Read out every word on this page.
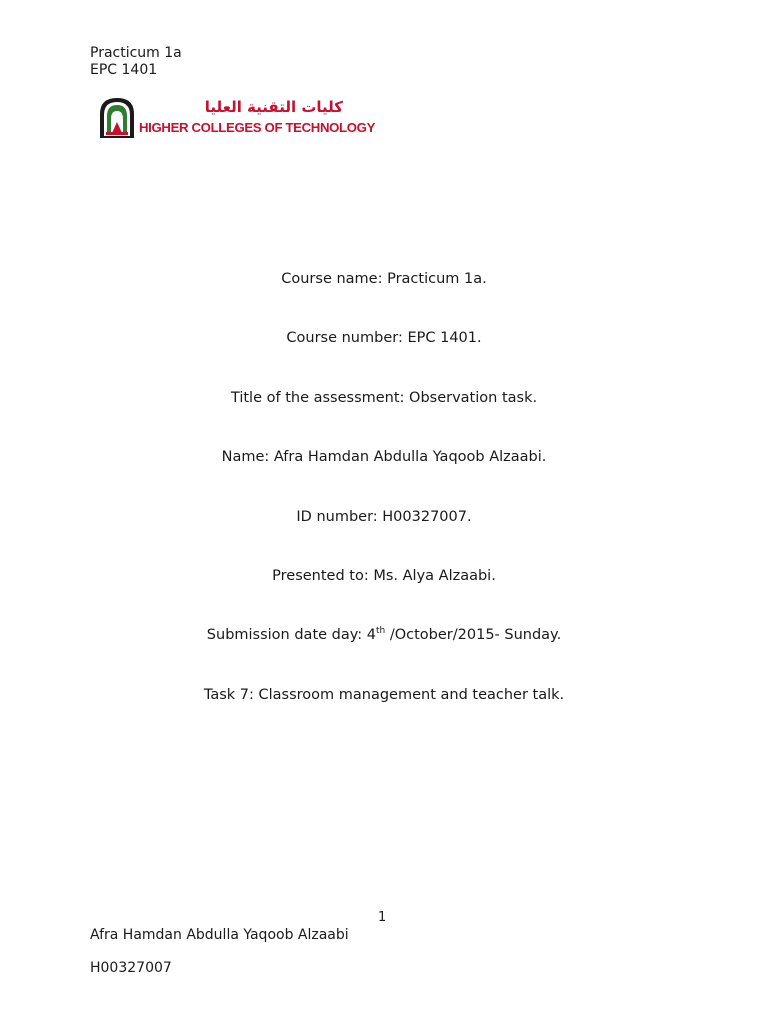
Practicum 1a
EPC 1401
كليات التقنية العليا
HIGHER COLLEGES OF TECHNOLOGY
Course name: Practicum 1a.
Course number: EPC 1401.
Title of the assessment: Observation task.
Name: Afra Hamdan Abdulla Yaqoob Alzaabi.
ID number: H00327007.
Presented to: Ms. Alya Alzaabi.
Submission date day: 4th /October/2015- Sunday.
Task 7: Classroom management and teacher talk.
1
Afra Hamdan Abdulla Yaqoob Alzaabi
H00327007
